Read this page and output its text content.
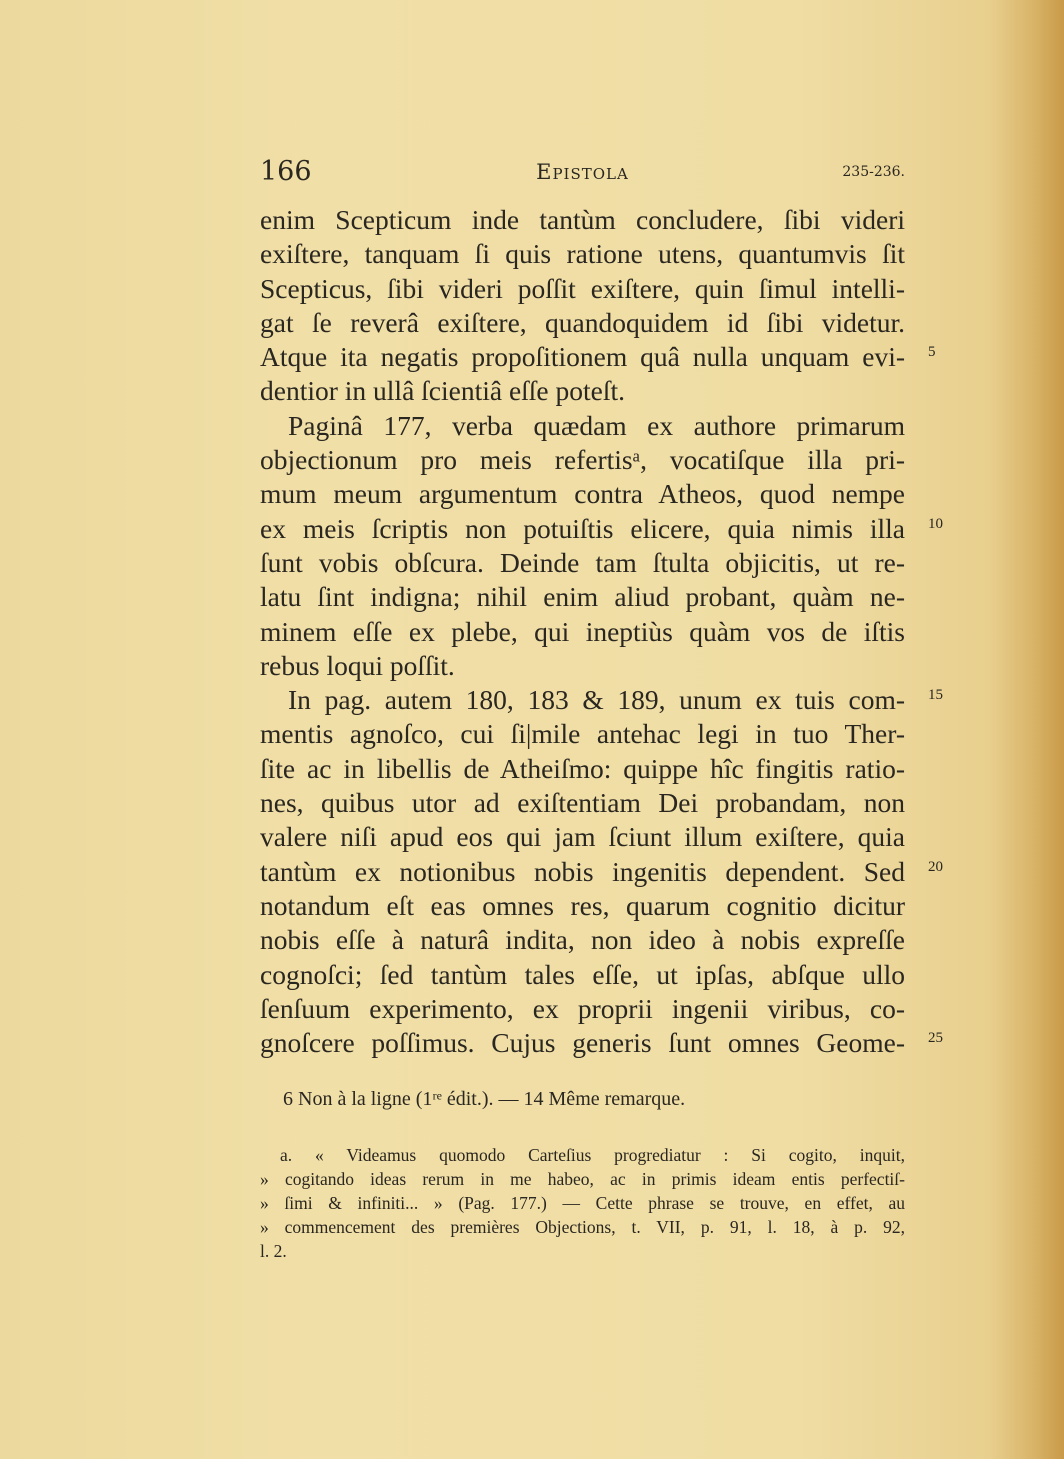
166	Epistola	235-236.
enim Scepticum inde tantùm concludere, ſibi videri
exiſtere, tanquam ſi quis ratione utens, quantumvis ſit
Scepticus, ſibi videri poſſit exiſtere, quin ſimul intelli-
gat ſe reverâ exiſtere, quandoquidem id ſibi videtur.
Atque ita negatis propoſitionem quâ nulla unquam evi- 5
dentior in ullâ ſcientiâ eſſe poteſt.
Paginâ 177, verba quædam ex authore primarum
objectionum pro meis refertisᵃ, vocatiſque illa pri-
mum meum argumentum contra Atheos, quod nempe
ex meis ſcriptis non potuiſtis elicere, quia nimis illa 10
ſunt vobis obſcura. Deinde tam ſtulta objicitis, ut re-
latu ſint indigna; nihil enim aliud probant, quàm ne-
minem eſſe ex plebe, qui ineptiùs quàm vos de iſtis
rebus loqui poſſit.
In pag. autem 180, 183 & 189, unum ex tuis com- 15
mentis agnoſco, cui ſi|mile antehac legi in tuo Ther-
ſite ac in libellis de Atheiſmo: quippe hîc fingitis ratio-
nes, quibus utor ad exiſtentiam Dei probandam, non
valere niſi apud eos qui jam ſciunt illum exiſtere, quia
tantùm ex notionibus nobis ingenitis dependent. Sed 20
notandum eſt eas omnes res, quarum cognitio dicitur
nobis eſſe à naturâ indita, non ideo à nobis expreſſe
cognoſci; ſed tantùm tales eſſe, ut ipſas, abſque ullo
ſenſuum experimento, ex proprii ingenii viribus, co-
gnoſcere poſſimus. Cujus generis ſunt omnes Geome- 25
6 Non à la ligne (1ʳᵉ édit.). — 14 Même remarque.
a. « Videamus quomodo Carteſius progrediatur : Si cogito, inquit,
» cogitando ideas rerum in me habeo, ac in primis ideam entis perfectiſ-
» ſimi & infiniti... » (Pag. 177.) — Cette phrase se trouve, en effet, au
» commencement des premières Objections, t. VII, p. 91, l. 18, à p. 92,
l. 2.
